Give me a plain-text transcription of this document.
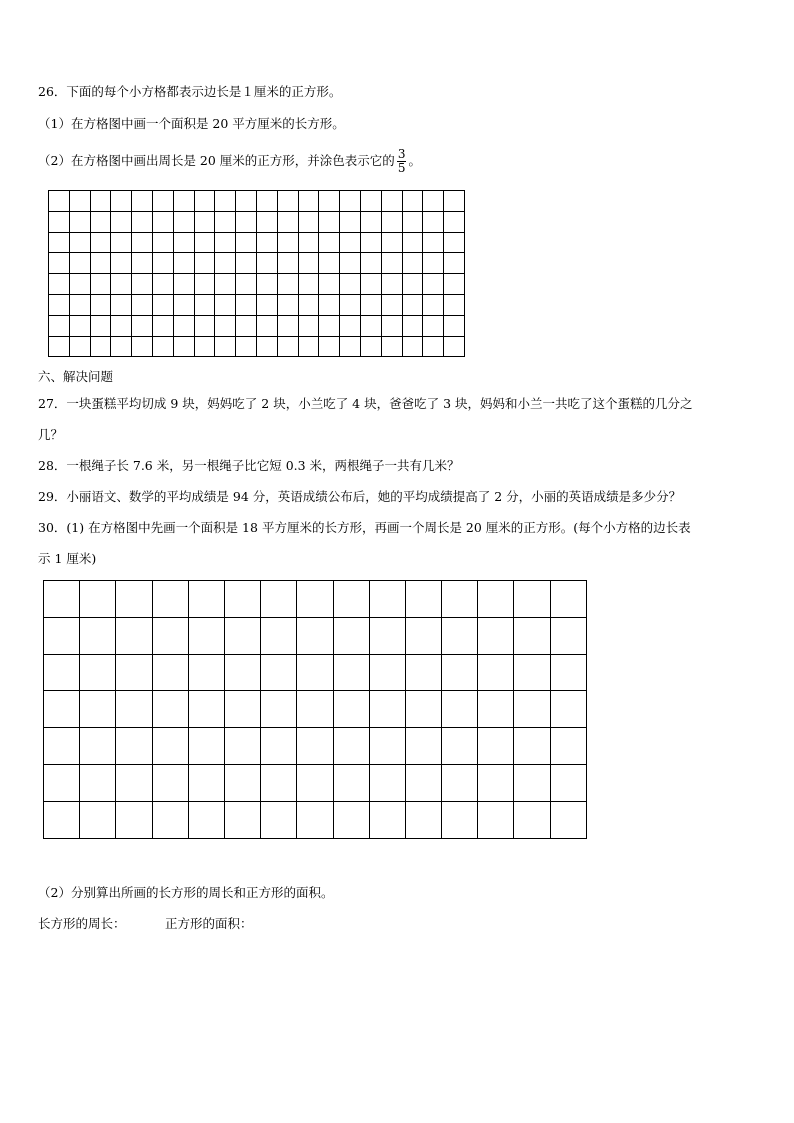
26．下面的每个小方格都表示边长是１厘米的正方形。
（1）在方格图中画一个面积是 20 平方厘米的长方形。
（2）在方格图中画出周长是 20 厘米的正方形，并涂色表示它的 $\frac{3}{5}$ 。

六、解决问题
27．一块蛋糕平均切成 9 块，妈妈吃了 2 块，小兰吃了 4 块，爸爸吃了 3 块，妈妈和小兰一共吃了这个蛋糕的几分之
几？
28．一根绳子长 7.6 米，另一根绳子比它短 0.3 米，两根绳子一共有几米？
29．小丽语文、数学的平均成绩是 94 分，英语成绩公布后，她的平均成绩提高了 2 分，小丽的英语成绩是多少分？
30．(1) 在方格图中先画一个面积是 18 平方厘米的长方形，再画一个周长是 20 厘米的正方形。(每个小方格的边长表
示 1 厘米)

（2）分别算出所画的长方形的周长和正方形的面积。
长方形的周长：	正方形的面积：
